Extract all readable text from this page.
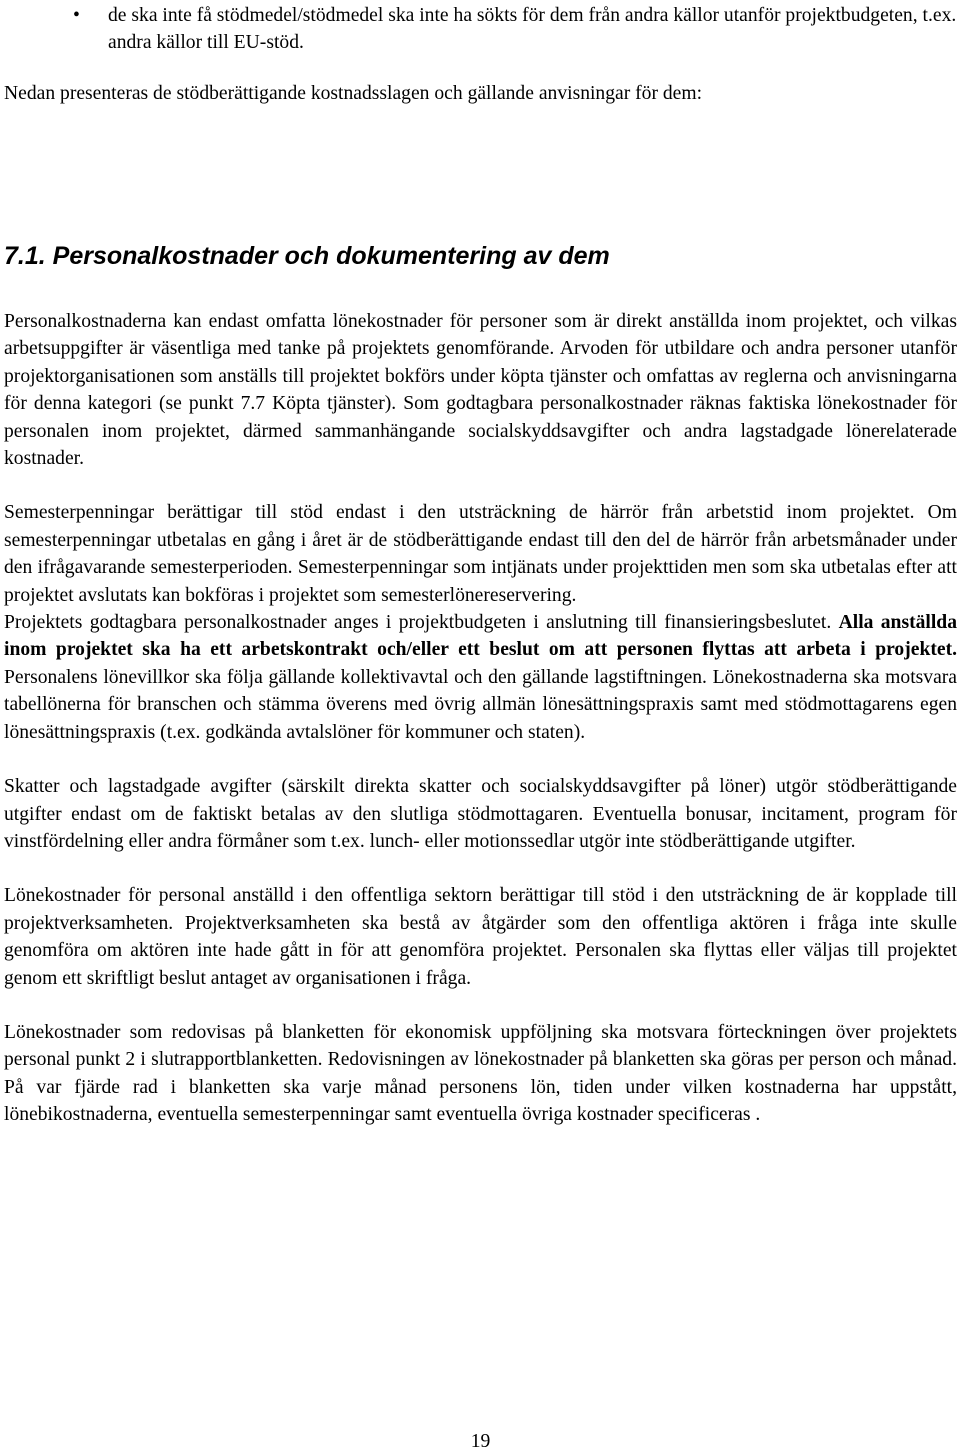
• de ska inte få stödmedel/stödmedel ska inte ha sökts för dem från andra källor utanför projektbudgeten, t.ex. andra källor till EU-stöd.

Nedan presenteras de stödberättigande kostnadsslagen och gällande anvisningar för dem:

7.1. Personalkostnader och dokumentering av dem

Personalkostnaderna kan endast omfatta lönekostnader för personer som är direkt anställda inom projektet, och vilkas arbetsuppgifter är väsentliga med tanke på projektets genomförande. Arvoden för utbildare och andra personer utanför projektorganisationen som anställs till projektet bokförs under köpta tjänster och omfattas av reglerna och anvisningarna för denna kategori (se punkt 7.7 Köpta tjänster). Som godtagbara personalkostnader räknas faktiska lönekostnader för personalen inom projektet, därmed sammanhängande socialskyddsavgifter och andra lagstadgade lönerelaterade kostnader.

Semesterpenningar berättigar till stöd endast i den utsträckning de härrör från arbetstid inom projektet. Om semesterpenningar utbetalas en gång i året är de stödberättigande endast till den del de härrör från arbetsmånader under den ifrågavarande semesterperioden. Semesterpenningar som intjänats under projekttiden men som ska utbetalas efter att projektet avslutats kan bokföras i projektet som semesterlönereservering.

Projektets godtagbara personalkostnader anges i projektbudgeten i anslutning till finansieringsbeslutet. Alla anställda inom projektet ska ha ett arbetskontrakt och/eller ett beslut om att personen flyttas att arbeta i projektet. Personalens lönevillkor ska följa gällande kollektivavtal och den gällande lagstiftningen. Lönekostnaderna ska motsvara tabellönerna för branschen och stämma överens med övrig allmän lönesättningspraxis samt med stödmottagarens egen lönesättningspraxis (t.ex. godkända avtalslöner för kommuner och staten).

Skatter och lagstadgade avgifter (särskilt direkta skatter och socialskyddsavgifter på löner) utgör stödberättigande utgifter endast om de faktiskt betalas av den slutliga stödmottagaren. Eventuella bonusar, incitament, program för vinstfördelning eller andra förmåner som t.ex. lunch- eller motionssedlar utgör inte stödberättigande utgifter.

Lönekostnader för personal anställd i den offentliga sektorn berättigar till stöd i den utsträckning de är kopplade till projektverksamheten. Projektverksamheten ska bestå av åtgärder som den offentliga aktören i fråga inte skulle genomföra om aktören inte hade gått in för att genomföra projektet. Personalen ska flyttas eller väljas till projektet genom ett skriftligt beslut antaget av organisationen i fråga.

Lönekostnader som redovisas på blanketten för ekonomisk uppföljning ska motsvara förteckningen över projektets personal punkt 2 i slutrapportblanketten. Redovisningen av lönekostnader på blanketten ska göras per person och månad. På var fjärde rad i blanketten ska varje månad personens lön, tiden under vilken kostnaderna har uppstått, lönebikostnaderna, eventuella semesterpenningar samt eventuella övriga kostnader specificeras .

19
